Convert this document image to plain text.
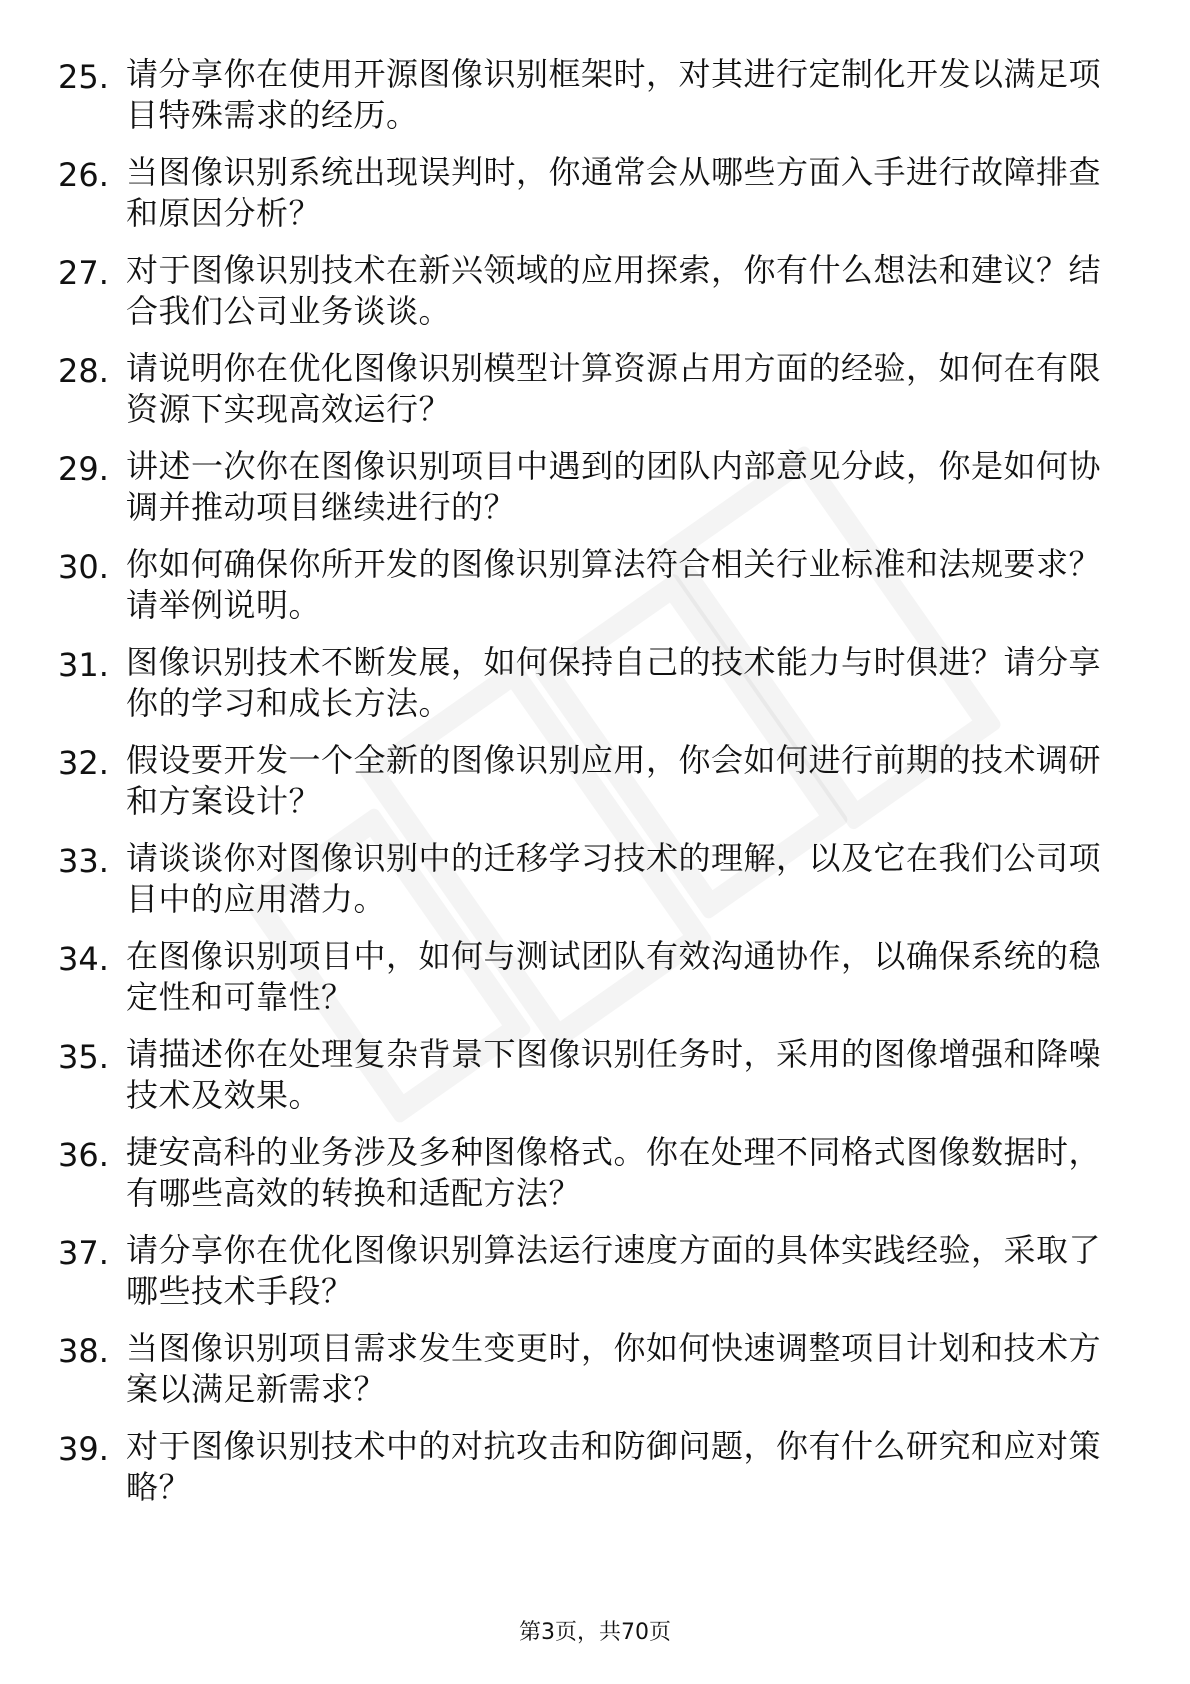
25. 请分享你在使用开源图像识别框架时，对其进行定制化开发以满足项目特殊需求的经历。
26. 当图像识别系统出现误判时，你通常会从哪些方面入手进行故障排查和原因分析？
27. 对于图像识别技术在新兴领域的应用探索，你有什么想法和建议？结合我们公司业务谈谈。
28. 请说明你在优化图像识别模型计算资源占用方面的经验，如何在有限资源下实现高效运行？
29. 讲述一次你在图像识别项目中遇到的团队内部意见分歧，你是如何协调并推动项目继续进行的？
30. 你如何确保你所开发的图像识别算法符合相关行业标准和法规要求？请举例说明。
31. 图像识别技术不断发展，如何保持自己的技术能力与时俱进？请分享你的学习和成长方法。
32. 假设要开发一个全新的图像识别应用，你会如何进行前期的技术调研和方案设计？
33. 请谈谈你对图像识别中的迁移学习技术的理解，以及它在我们公司项目中的应用潜力。
34. 在图像识别项目中，如何与测试团队有效沟通协作，以确保系统的稳定性和可靠性？
35. 请描述你在处理复杂背景下图像识别任务时，采用的图像增强和降噪技术及效果。
36. 捷安高科的业务涉及多种图像格式。你在处理不同格式图像数据时，有哪些高效的转换和适配方法？
37. 请分享你在优化图像识别算法运行速度方面的具体实践经验，采取了哪些技术手段？
38. 当图像识别项目需求发生变更时，你如何快速调整项目计划和技术方案以满足新需求？
39. 对于图像识别技术中的对抗攻击和防御问题，你有什么研究和应对策略？
第3页，共70页
